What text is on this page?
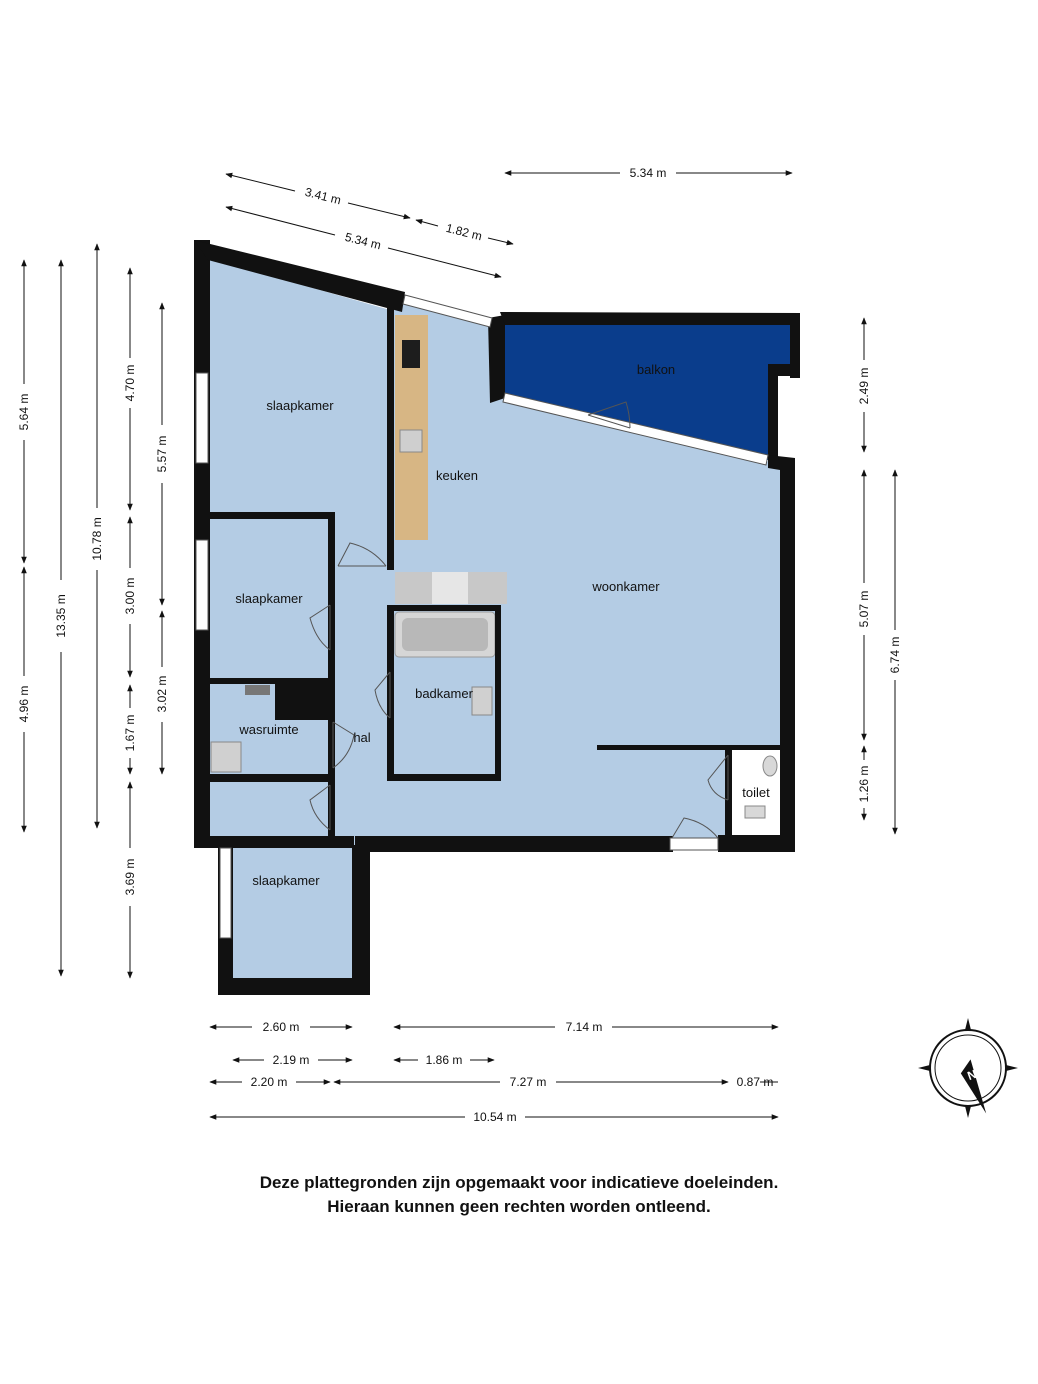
slaapkamer
slaapkamer
slaapkamer
keuken
woonkamer
balkon
badkamer
wasruimte
hal
toilet
5.34 m
3.41 m
1.82 m
5.34 m
5.64 m
4.96 m
13.35 m
10.78 m
4.70 m
3.00 m
1.67 m
3.69 m
5.57 m
3.02 m
2.49 m
5.07 m
1.26 m
6.74 m
2.60 m	7.14 m
2.19 m	1.86 m
2.20 m	7.27 m	0.87 m
10.54 m
N
Deze plattegronden zijn opgemaakt voor indicatieve doeleinden.
Hieraan kunnen geen rechten worden ontleend.
